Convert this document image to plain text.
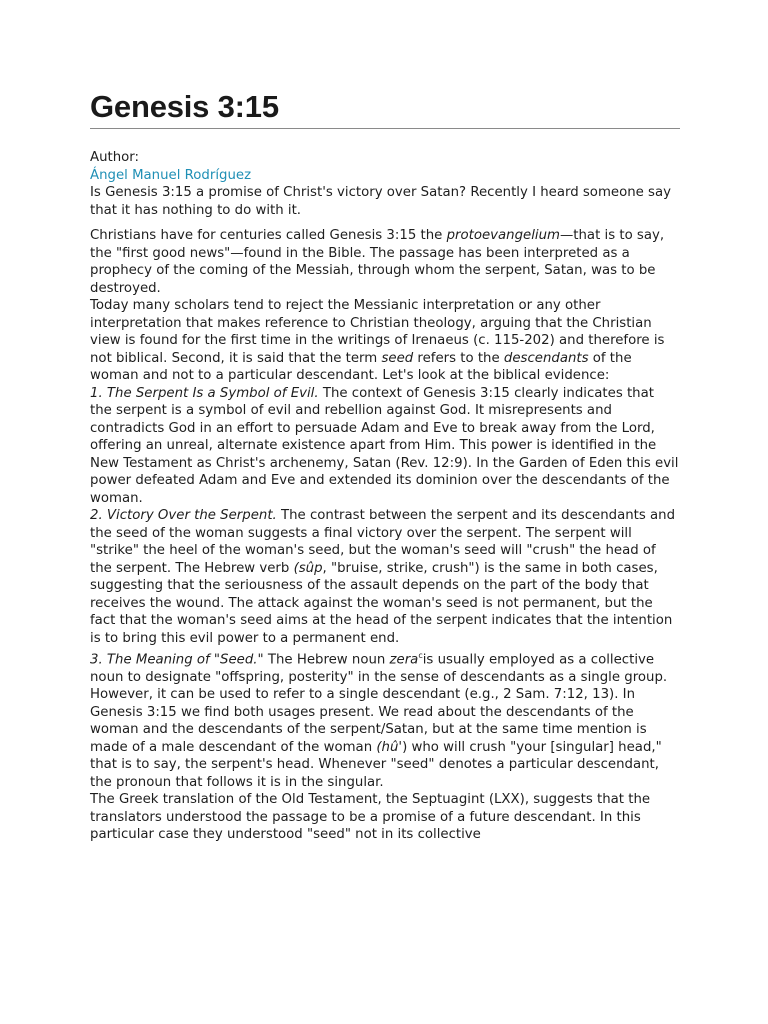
Genesis 3:15

Author:

Ángel Manuel Rodríguez

Is Genesis 3:15 a promise of Christ's victory over Satan? Recently I heard someone say that it has nothing to do with it.

Christians have for centuries called Genesis 3:15 the protoevangelium—that is to say, the "first good news"—found in the Bible. The passage has been interpreted as a prophecy of the coming of the Messiah, through whom the serpent, Satan, was to be destroyed.

Today many scholars tend to reject the Messianic interpretation or any other interpretation that makes reference to Christian theology, arguing that the Christian view is found for the first time in the writings of Irenaeus (c. 115-202) and therefore is not biblical. Second, it is said that the term seed refers to the descendants of the woman and not to a particular descendant. Let's look at the biblical evidence:

1. The Serpent Is a Symbol of Evil. The context of Genesis 3:15 clearly indicates that the serpent is a symbol of evil and rebellion against God. It misrepresents and contradicts God in an effort to persuade Adam and Eve to break away from the Lord, offering an unreal, alternate existence apart from Him. This power is identified in the New Testament as Christ's archenemy, Satan (Rev. 12:9). In the Garden of Eden this evil power defeated Adam and Eve and extended its dominion over the descendants of the woman.

2. Victory Over the Serpent. The contrast between the serpent and its descendants and the seed of the woman suggests a final victory over the serpent. The serpent will "strike" the heel of the woman's seed, but the woman's seed will "crush" the head of the serpent. The Hebrew verb (sûp, "bruise, strike, crush") is the same in both cases, suggesting that the seriousness of the assault depends on the part of the body that receives the wound. The attack against the woman's seed is not permanent, but the fact that the woman's seed aims at the head of the serpent indicates that the intention is to bring this evil power to a permanent end.

3. The Meaning of "Seed." The Hebrew noun zera$^c$is usually employed as a collective noun to designate "offspring, posterity" in the sense of descendants as a single group. However, it can be used to refer to a single descendant (e.g., 2 Sam. 7:12, 13). In Genesis 3:15 we find both usages present. We read about the descendants of the woman and the descendants of the serpent/Satan, but at the same time mention is made of a male descendant of the woman (hû') who will crush "your [singular] head," that is to say, the serpent's head. Whenever "seed" denotes a particular descendant, the pronoun that follows it is in the singular.

The Greek translation of the Old Testament, the Septuagint (LXX), suggests that the translators understood the passage to be a promise of a future descendant. In this particular case they understood "seed" not in its collective
